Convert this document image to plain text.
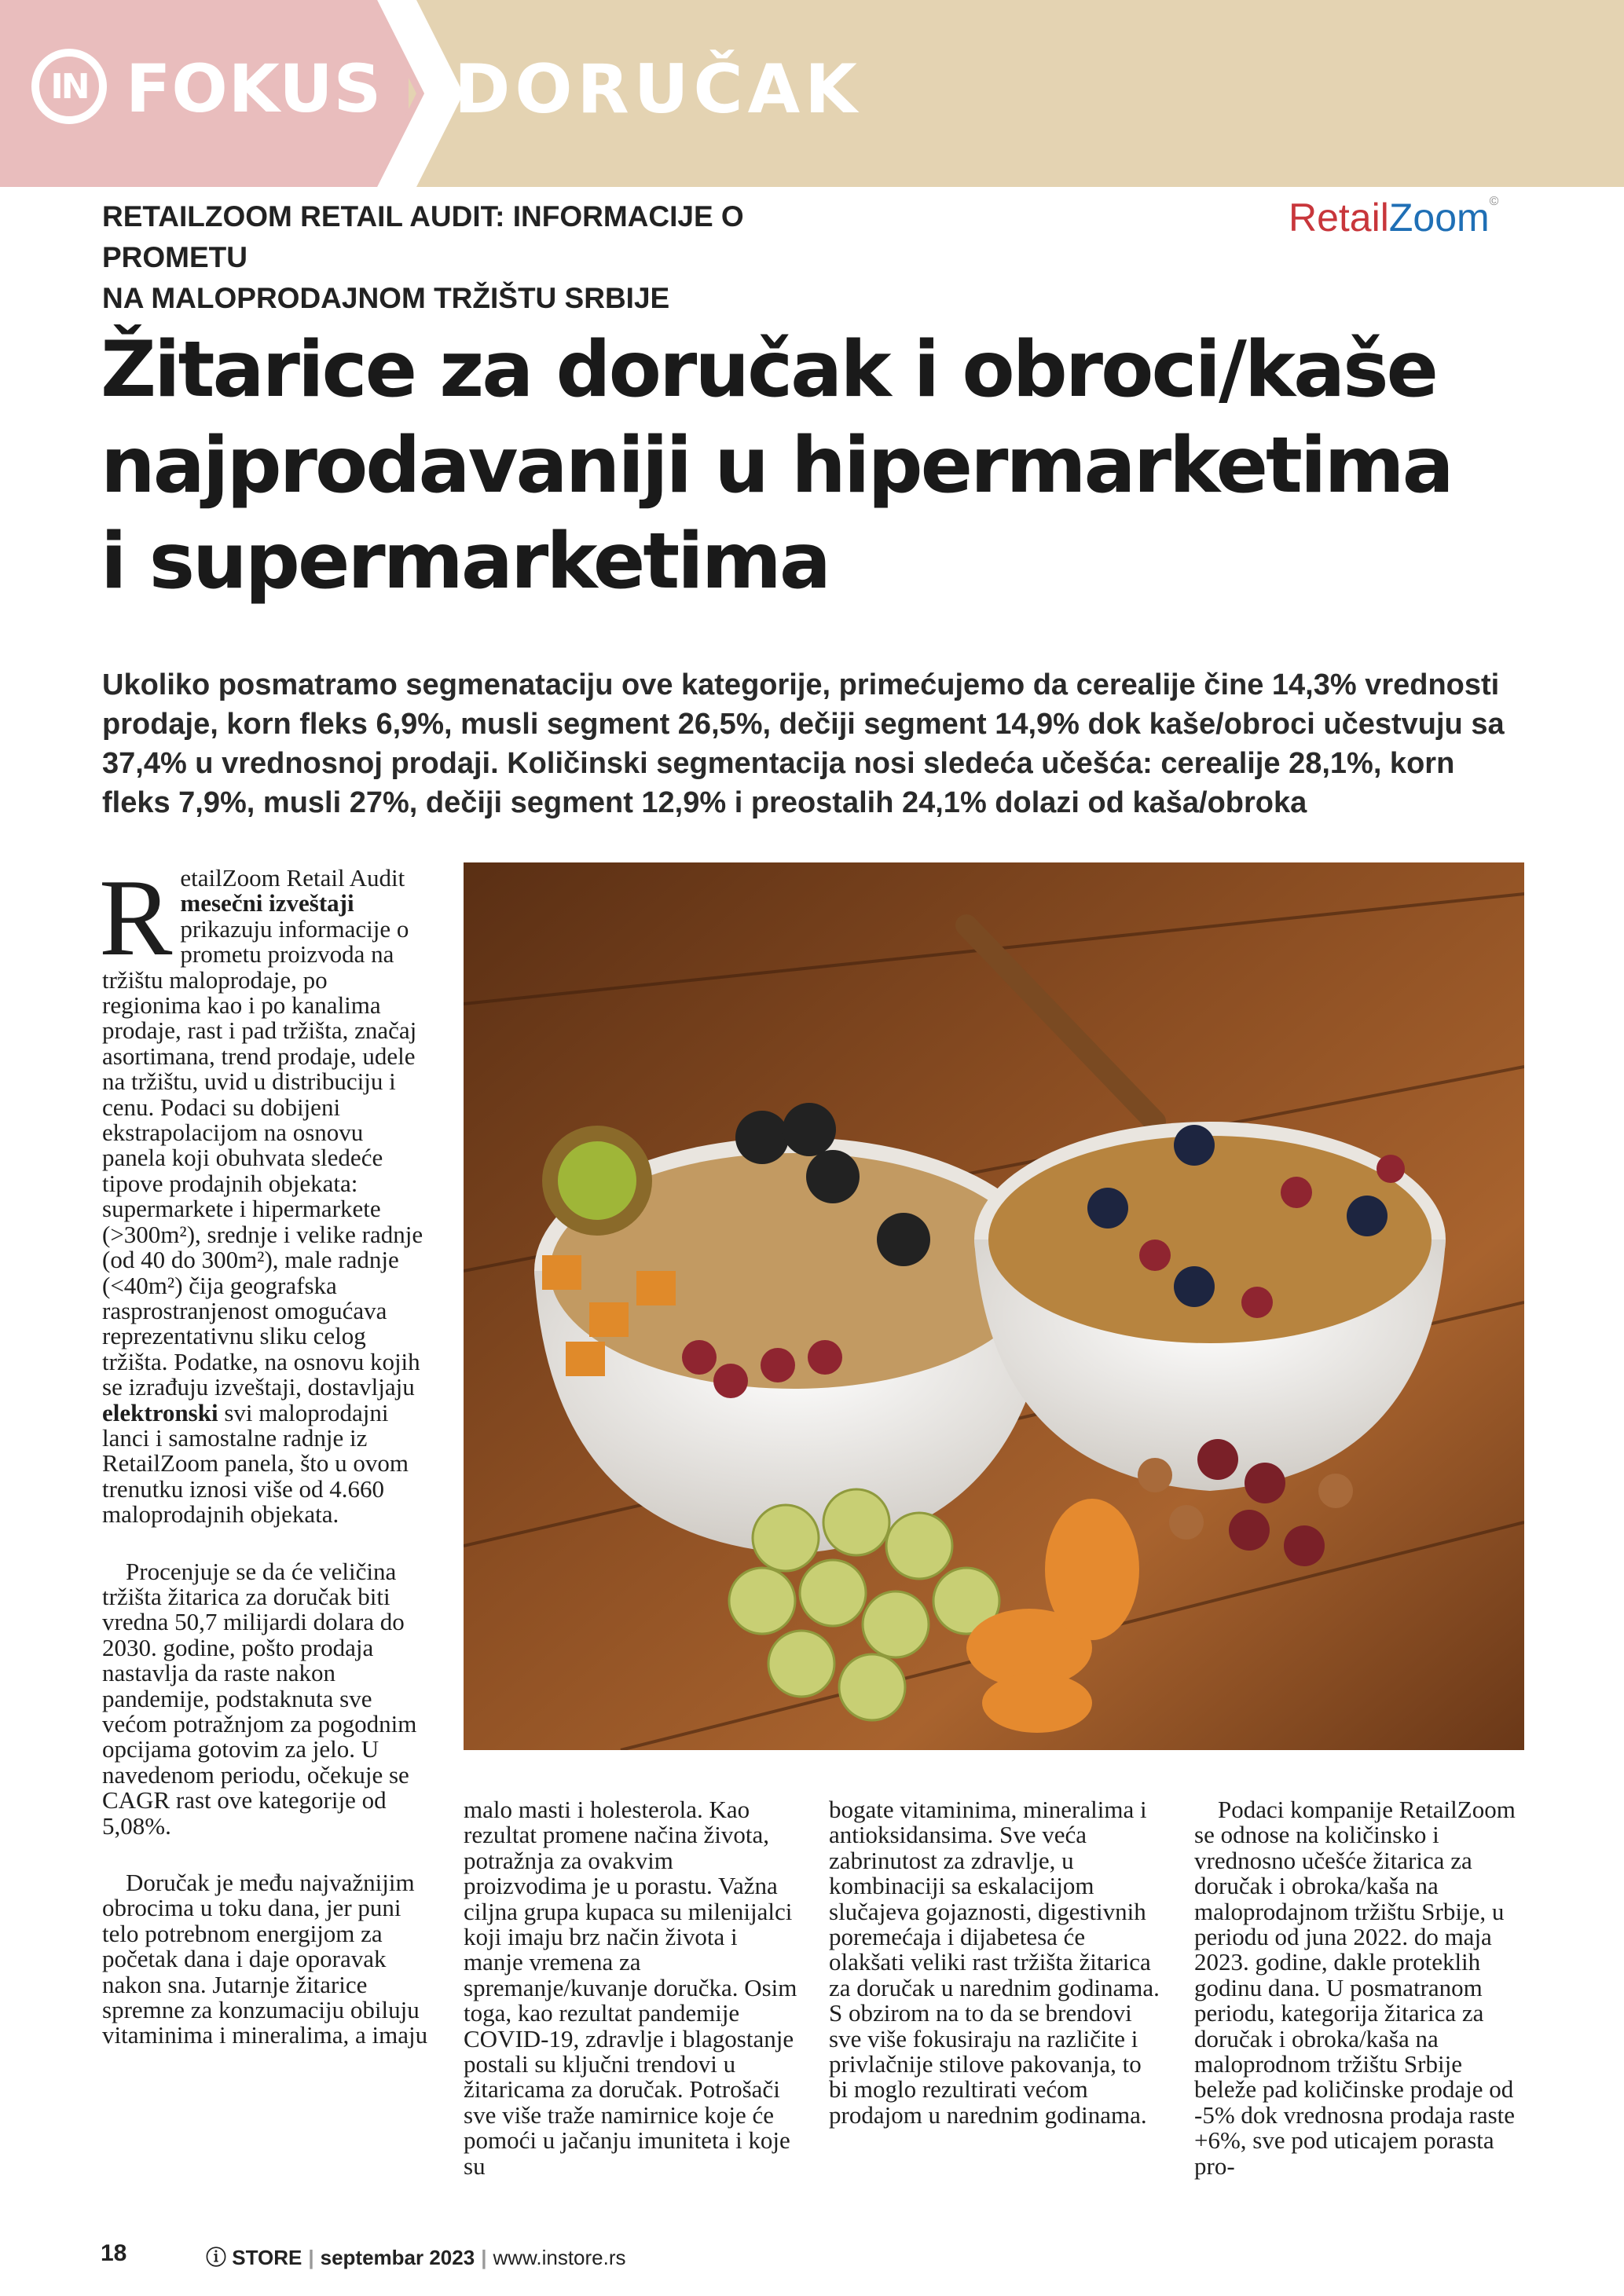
IN FOKUS DORUČAK
RETAILZOOM RETAIL AUDIT: INFORMACIJE O PROMETU
NA MALOPRODAJNOM TRŽIŠTU SRBIJE
RetailZoom©
Žitarice za doručak i obroci/kaše
najprodavaniji u hipermarketima
i supermarketima
Ukoliko posmatramo segmenataciju ove kategorije, primećujemo da cerealije čine 14,3% vrednosti prodaje, korn fleks 6,9%, musli segment 26,5%, dečiji segment 14,9% dok kaše/obroci učestvuju sa 37,4% u vrednosnoj prodaji. Količinski segmentacija nosi sledeća učešća: cerealije 28,1%, korn fleks 7,9%, musli 27%, dečiji segment 12,9% i preostalih 24,1% dolazi od kaša/obroka

RetailZoom Retail Audit mesečni izveštaji prikazuju informacije o prometu proizvoda na tržištu maloprodaje, po regionima kao i po kanalima prodaje, rast i pad tržišta, značaj asortimana, trend prodaje, udele na tržištu, uvid u distribuciju i cenu. Podaci su dobijeni ekstrapolacijom na osnovu panela koji obuhvata sledeće tipove prodajnih objekata: supermarkete i hipermarkete (>300m²), srednje i velike radnje (od 40 do 300m²), male radnje (<40m²) čija geografska rasprostranjenost omogućava reprezentativnu sliku celog tržišta. Podatke, na osnovu kojih se izrađuju izveštaji, dostavljaju elektronski svi maloprodajni lanci i samostalne radnje iz RetailZoom panela, što u ovom trenutku iznosi više od 4.660 maloprodajnih objekata.

Procenjuje se da će veličina tržišta žitarica za doručak biti vredna 50,7 milijardi dolara do 2030. godine, pošto prodaja nastavlja da raste nakon pandemije, podstaknuta sve većom potražnjom za pogodnim opcijama gotovim za jelo. U navedenom periodu, očekuje se CAGR rast ove kategorije od 5,08%.

Doručak je među najvažnijim obrocima u toku dana, jer puni telo potrebnom energijom za početak dana i daje oporavak nakon sna. Jutarnje žitarice spremne za konzumaciju obiluju vitaminima i mineralima, a imaju

malo masti i holesterola. Kao rezultat promene načina života, potražnja za ovakvim proizvodima je u porastu. Važna ciljna grupa kupaca su milenijalci koji imaju brz način života i manje vremena za spremanje/kuvanje doručka. Osim toga, kao rezultat pandemije COVID-19, zdravlje i blagostanje postali su ključni trendovi u žitaricama za doručak. Potrošači sve više traže namirnice koje će pomoći u jačanju imuniteta i koje su

bogate vitaminima, mineralima i antioksidansima. Sve veća zabrinutost za zdravlje, u kombinaciji sa eskalacijom slučajeva gojaznosti, digestivnih poremećaja i dijabetesa će olakšati veliki rast tržišta žitarica za doručak u narednim godinama. S obzirom na to da se brendovi sve više fokusiraju na različite i privlačnije stilove pakovanja, to bi moglo rezultirati većom prodajom u narednim godinama.

Podaci kompanije RetailZoom se odnose na količinsko i vrednosno učešće žitarica za doručak i obroka/kaša na maloprodajnom tržištu Srbije, u periodu od juna 2022. do maja 2023. godine, dakle proteklih godinu dana. U posmatranom periodu, kategorija žitarica za doručak i obroka/kaša na maloprodnom tržištu Srbije beleže pad količinske prodaje od -5% dok vrednosna prodaja raste +6%, sve pod uticajem porasta pro-

18	ⓘ STORE | septembar 2023 | www.instore.rs
